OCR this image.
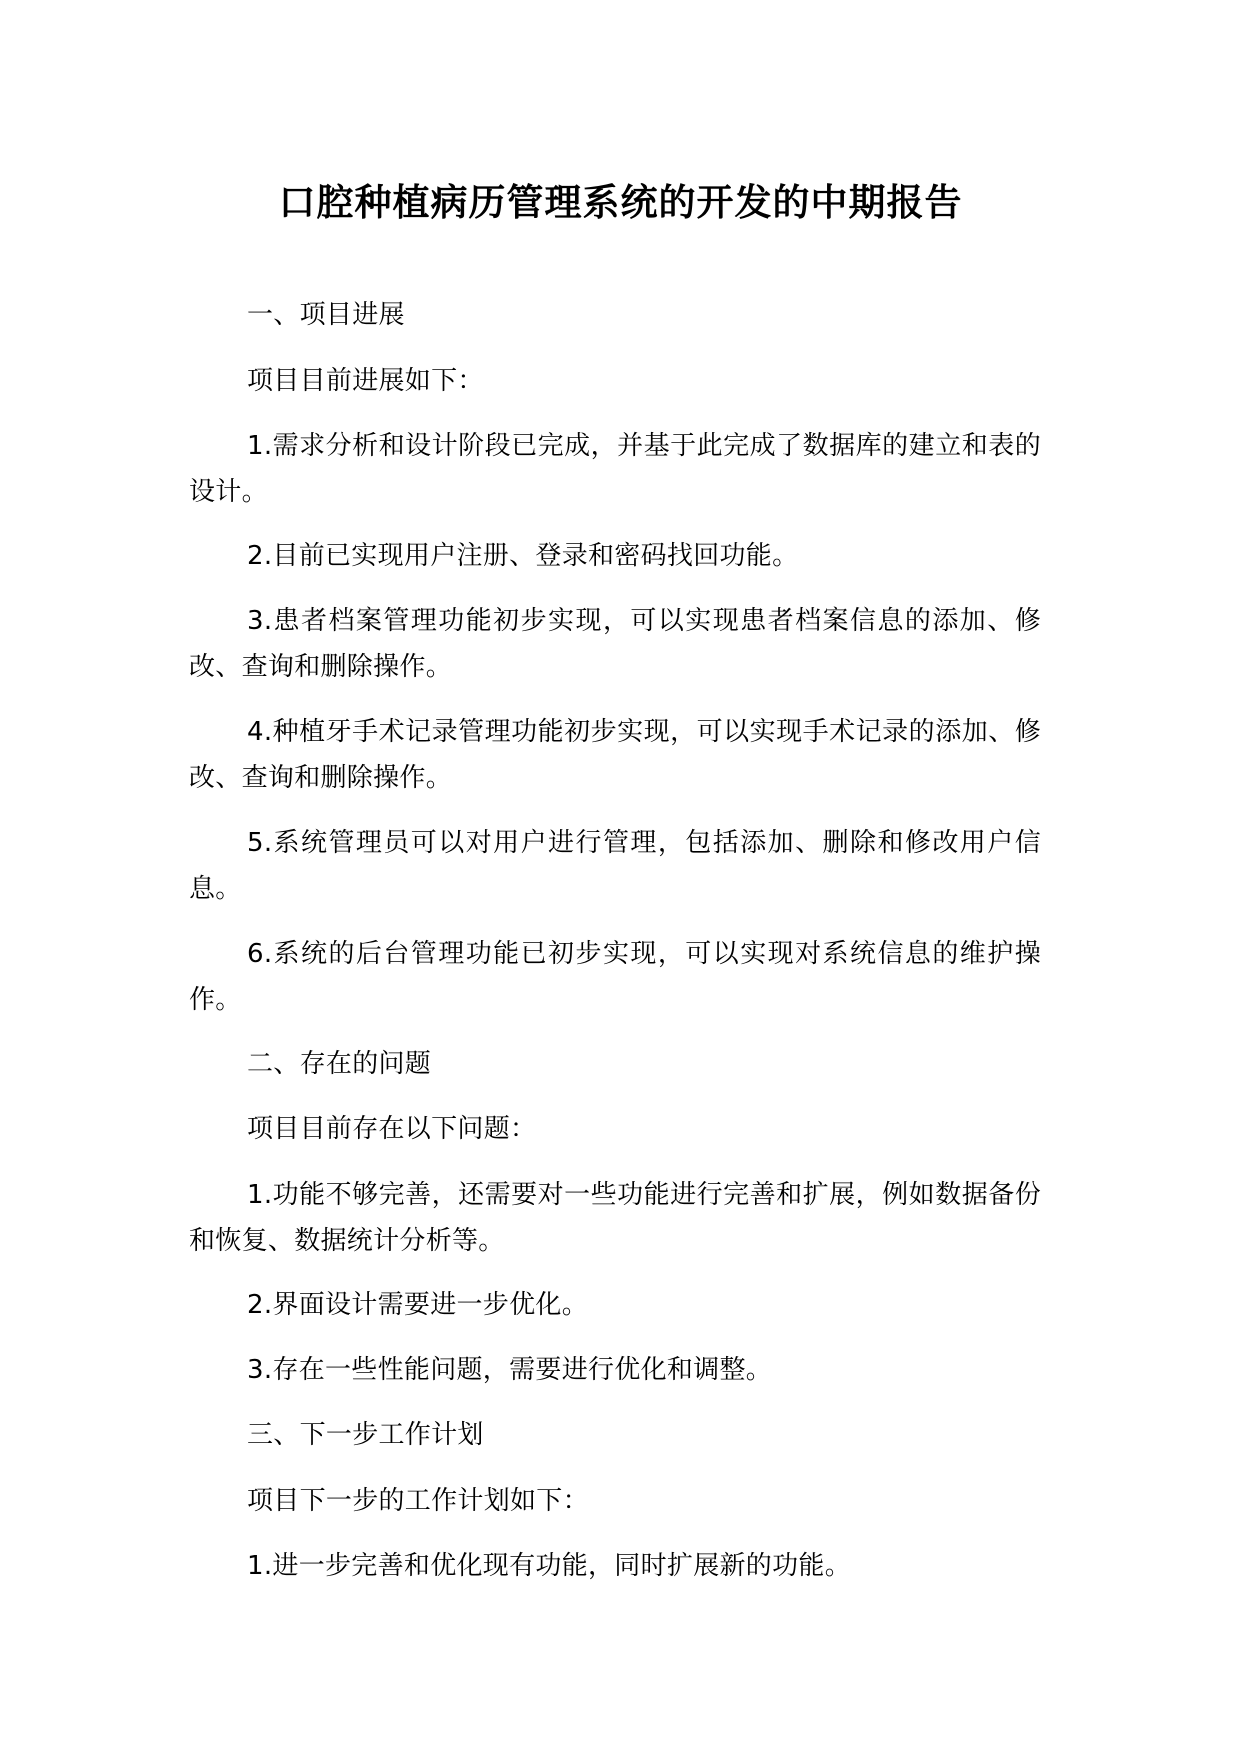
口腔种植病历管理系统的开发的中期报告

一、项目进展

项目目前进展如下：

1.需求分析和设计阶段已完成，并基于此完成了数据库的建立和表的设计。

2.目前已实现用户注册、登录和密码找回功能。

3.患者档案管理功能初步实现，可以实现患者档案信息的添加、修改、查询和删除操作。

4.种植牙手术记录管理功能初步实现，可以实现手术记录的添加、修改、查询和删除操作。

5.系统管理员可以对用户进行管理，包括添加、删除和修改用户信息。

6.系统的后台管理功能已初步实现，可以实现对系统信息的维护操作。

二、存在的问题

项目目前存在以下问题：

1.功能不够完善，还需要对一些功能进行完善和扩展，例如数据备份和恢复、数据统计分析等。

2.界面设计需要进一步优化。

3.存在一些性能问题，需要进行优化和调整。

三、下一步工作计划

项目下一步的工作计划如下：

1.进一步完善和优化现有功能，同时扩展新的功能。
